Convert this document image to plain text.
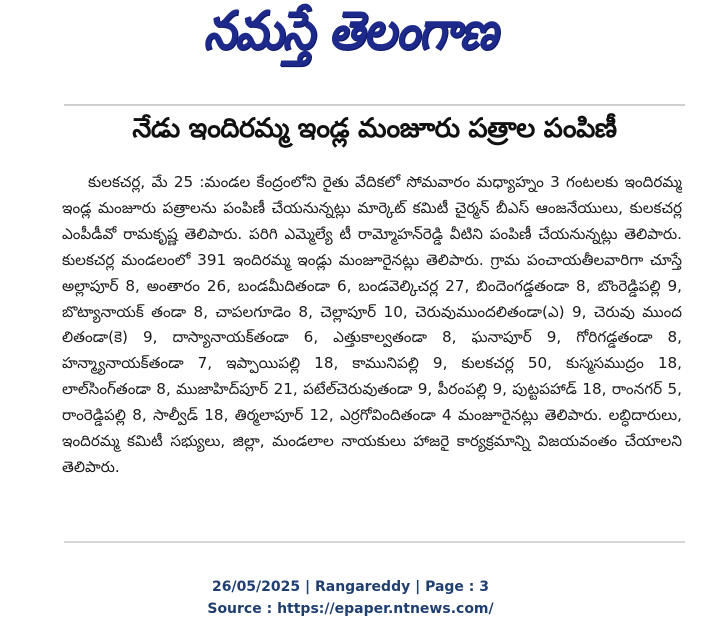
నమస్తే తెలంగాణ
నేడు ఇందిరమ్మ ఇండ్ల మంజూరు పత్రాల పంపిణీ
కులకచర్ల, మే 25 :మండల కేంద్రంలోని రైతు వేదికలో సోమవారం మధ్యాహ్నం 3 గంటలకు ఇందిరమ్మ ఇండ్ల మంజూరు పత్రాలను పంపిణీ చేయనున్నట్లు మార్కెట్ కమిటీ చైర్మన్ బీఎస్ ఆంజనేయులు, కులకచర్ల ఎంపీడీవో రామకృష్ణ తెలిపారు. పరిగి ఎమ్మెల్యే టీ రామ్మోహన్‌రెడ్డి వీటిని పంపిణీ చేయనున్నట్లు తెలిపారు. కులకచర్ల మండలంలో 391 ఇందిరమ్మ ఇండ్లు మంజూరైనట్లు తెలిపారు. గ్రామ పంచాయతీలవారిగా చూస్తే అల్లాపూర్ 8, అంతారం 26, బండమీదితండా 6, బండవెల్కిచర్ల 27, బిందెంగడ్డతండా 8, బొంరెడ్డిపల్లి 9, బొట్యానాయక్ తండా 8, చాపలగూడెం 8, చెల్లాపూర్ 10, చెరువుముందలితండా(ఎ) 9, చెరువు ముంద లితండా(కె) 9, దాస్యానాయక్‌తండా 6, ఎత్తుకాల్వతండా 8, ఘనాపూర్ 9, గోరిగడ్డతండా 8, హన్మ్యానాయక్‌తండా 7, ఇప్పాయిపల్లి 18, కామునిపల్లి 9, కులకచర్ల 50, కుస్మసముద్రం 18, లాల్‌సింగ్‌తండా 8, ముజాహిద్‌పూర్ 21, పటేల్‌చెరువుతండా 9, పీరంపల్లి 9, పుట్టపహాడ్ 18, రాంనగర్ 5, రాంరెడ్డిపల్లి 8, సాల్వీడ్ 18, తిర్మలాపూర్ 12, ఎర్రగోవిందితండా 4 మంజూరైనట్లు తెలిపారు. లబ్ధిదారులు, ఇందిరమ్మ కమిటీ సభ్యులు, జిల్లా, మండలాల నాయకులు హాజరై కార్యక్రమాన్ని విజయవంతం చేయాలని తెలిపారు.
26/05/2025 | Rangareddy | Page : 3
Source : https://epaper.ntnews.com/
